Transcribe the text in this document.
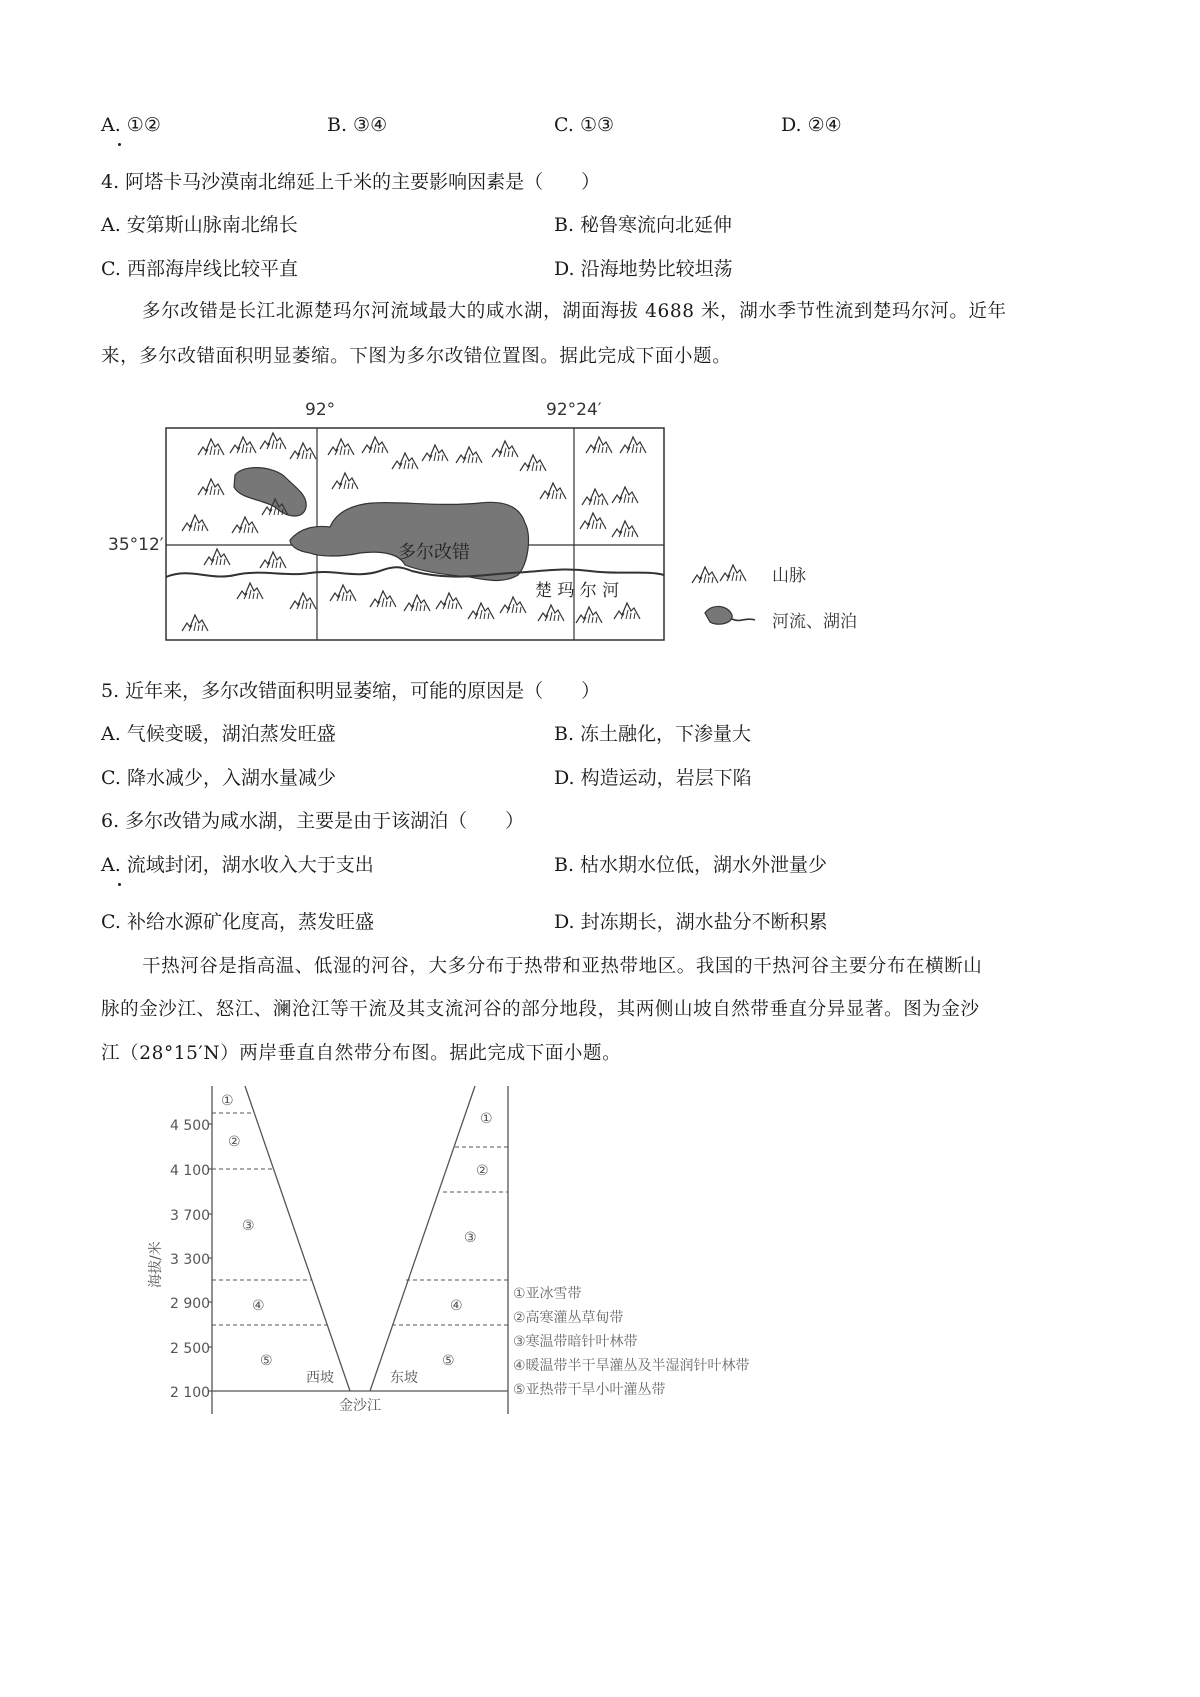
A. ①②	B. ③④	C. ①③	D. ②④
4. 阿塔卡马沙漠南北绵延上千米的主要影响因素是（　　）
A. 安第斯山脉南北绵长	B. 秘鲁寒流向北延伸
C. 西部海岸线比较平直	D. 沿海地势比较坦荡
多尔改错是长江北源楚玛尔河流域最大的咸水湖，湖面海拔 4688 米，湖水季节性流到楚玛尔河。近年
来，多尔改错面积明显萎缩。下图为多尔改错位置图。据此完成下面小题。
92°	92°24′
35°12′	多尔改错
楚 玛 尔 河
山脉
河流、湖泊
5. 近年来，多尔改错面积明显萎缩，可能的原因是（　　）
A. 气候变暖，湖泊蒸发旺盛	B. 冻土融化，下渗量大
C. 降水减少，入湖水量减少	D. 构造运动，岩层下陷
6. 多尔改错为咸水湖，主要是由于该湖泊（　　）
A. 流域封闭，湖水收入大于支出	B. 枯水期水位低，湖水外泄量少
C. 补给水源矿化度高，蒸发旺盛	D. 封冻期长，湖水盐分不断积累
干热河谷是指高温、低湿的河谷，大多分布于热带和亚热带地区。我国的干热河谷主要分布在横断山
脉的金沙江、怒江、澜沧江等干流及其支流河谷的部分地段，其两侧山坡自然带垂直分异显著。图为金沙
江（28°15′N）两岸垂直自然带分布图。据此完成下面小题。
4 500
4 100
3 700
3 300
2 900
2 500
2 100
海拔/米
①
②
③
④
⑤
①
②
③
④
⑤
西坡	东坡
金沙江
①亚冰雪带
②高寒灌丛草甸带
③寒温带暗针叶林带
④暖温带半干旱灌丛及半湿润针叶林带
⑤亚热带干旱小叶灌丛带
